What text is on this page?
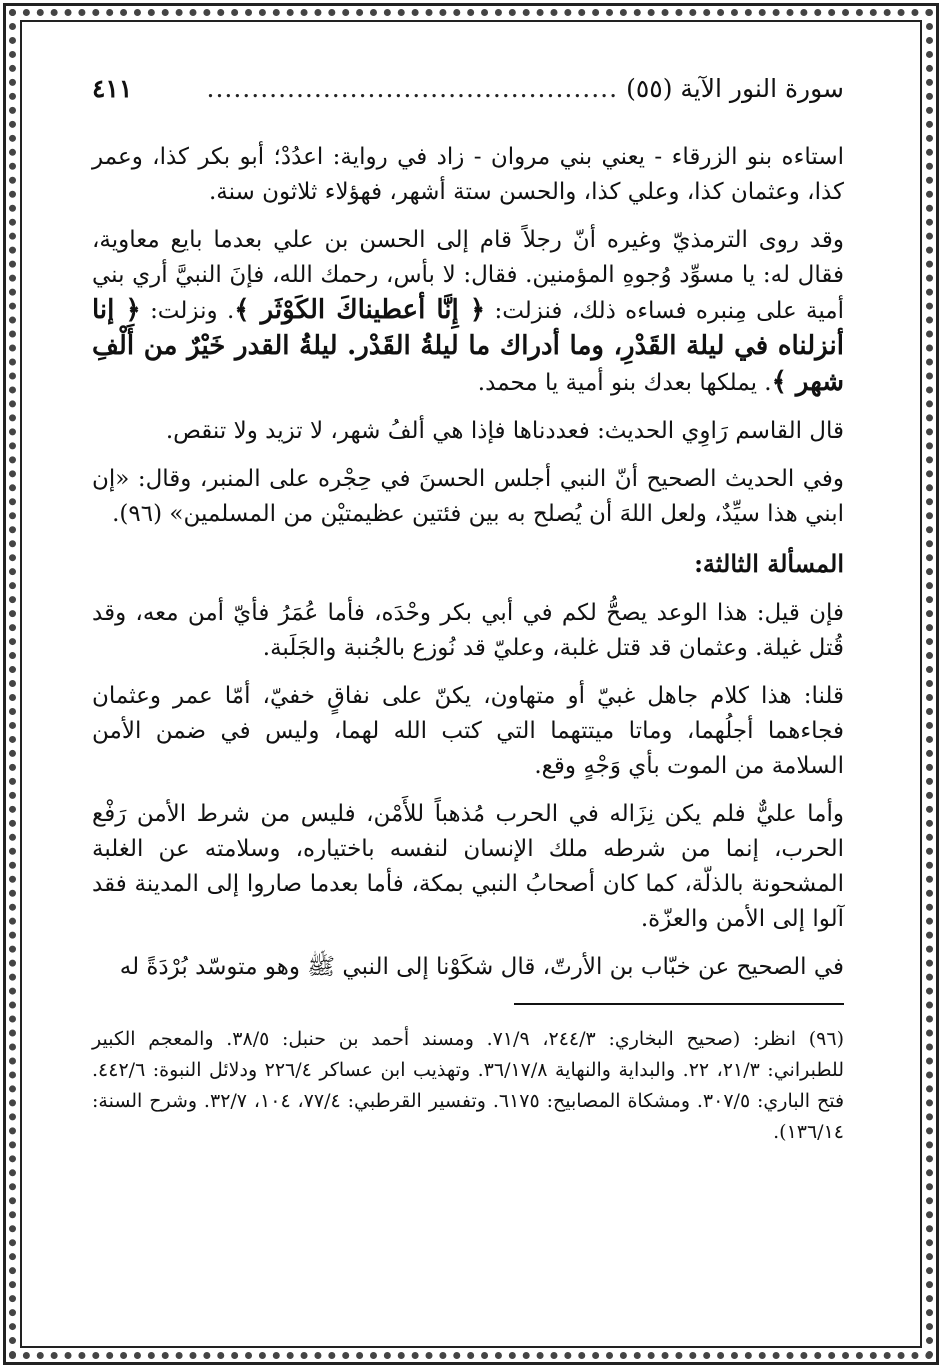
سورة النور الآية (٥٥)
..............................................
٤١١

استاءه بنو الزرقاء - يعني بني مروان - زاد في رواية: اعدُدْ؛ أبو بكر كذا، وعمر كذا، وعثمان كذا، وعلي كذا، والحسن ستة أشهر، فهؤلاء ثلاثون سنة.

وقد روى الترمذيّ وغيره أنّ رجلاً قام إلى الحسن بن علي بعدما بايع معاوية، فقال له: يا مسوِّد وُجوهِ المؤمنين. فقال: لا بأس، رحمك الله، فإنَ النبيَّ أري بني أمية على مِنبره فساءه ذلك، فنزلت: ﴿ إِنَّا أعطيناكَ الكَوْثَر ﴾. ونزلت: ﴿ إنا أنزلناه في ليلة القَدْرِ، وما أدراك ما ليلةُ القَدْر. ليلةُ القدر خَيْرٌ من أَلْفِ شهر ﴾. يملكها بعدك بنو أمية يا محمد.

قال القاسم رَاوِي الحديث: فعددناها فإذا هي ألفُ شهر، لا تزيد ولا تنقص.

وفي الحديث الصحيح أنّ النبي أجلس الحسنَ في حِجْره على المنبر، وقال: «إن ابني هذا سيِّدٌ، ولعل اللهَ أن يُصلح به بين فئتين عظيمتيْن من المسلمين» (٩٦).

المسألة الثالثة:

فإن قيل: هذا الوعد يصحُّ لكم في أبي بكر وحْدَه، فأما عُمَرُ فأيّ أمن معه، وقد قُتل غيلة. وعثمان قد قتل غلبة، وعليّ قد نُوزع بالجُنبة والجَلَبة.

قلنا: هذا كلام جاهل غبيّ أو متهاون، يكنّ على نفاقٍ خفيّ، أمّا عمر وعثمان فجاءهما أجلُهما، وماتا ميتتهما التي كتب الله لهما، وليس في ضمن الأمن السلامة من الموت بأي وَجْهٍ وقع.

وأما عليٌّ فلم يكن نِزَاله في الحرب مُذهباً للأَمْن، فليس من شرط الأمن رَفْع الحرب، إنما من شرطه ملك الإنسان لنفسه باختياره، وسلامته عن الغلبة المشحونة بالذلّة، كما كان أصحابُ النبي بمكة، فأما بعدما صاروا إلى المدينة فقد آلوا إلى الأمن والعزّة.

في الصحيح عن خبّاب بن الأرتّ، قال شكَوْنا إلى النبي ﷺ وهو متوسّد بُرْدَةً له

(٩٦) انظر: (صحيح البخاري: ٢٤٤/٣، ٧١/٩. ومسند أحمد بن حنبل: ٣٨/٥. والمعجم الكبير للطبراني: ٢١/٣، ٢٢. والبداية والنهاية ٣٦/١٧/٨. وتهذيب ابن عساكر ٢٢٦/٤ ودلائل النبوة: ٤٤٢/٦. فتح الباري: ٣٠٧/٥. ومشكاة المصابيح: ٦١٧٥. وتفسير القرطبي: ٧٧/٤، ١٠٤، ٣٢/٧. وشرح السنة: ١٣٦/١٤).
